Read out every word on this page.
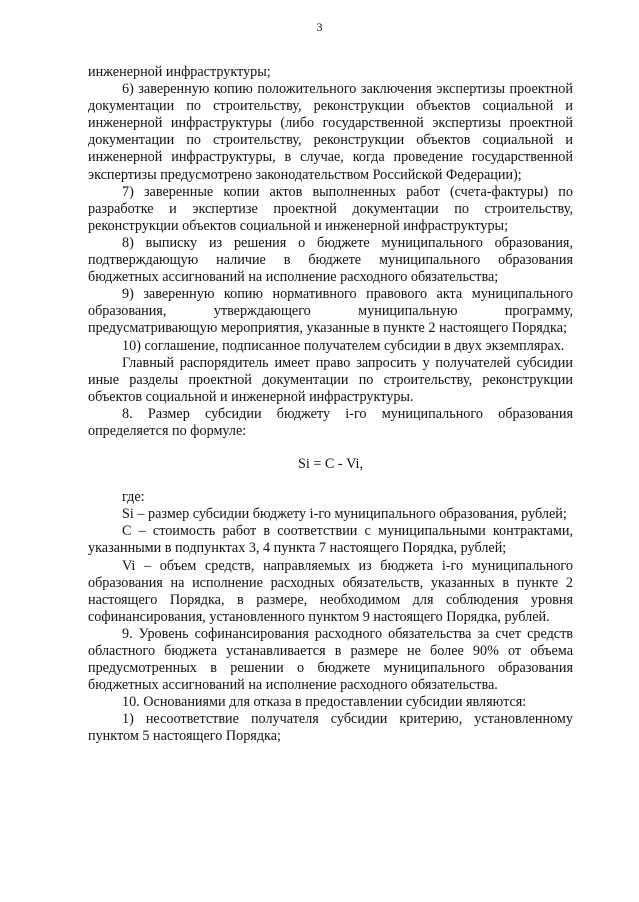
3

инженерной инфраструктуры;

6) заверенную копию положительного заключения экспертизы проектной документации по строительству, реконструкции объектов социальной и инженерной инфраструктуры (либо государственной экспертизы проектной документации по строительству, реконструкции объектов социальной и инженерной инфраструктуры, в случае, когда проведение государственной экспертизы предусмотрено законодательством Российской Федерации);

7) заверенные копии актов выполненных работ (счета-фактуры) по разработке и экспертизе проектной документации по строительству, реконструкции объектов социальной и инженерной инфраструктуры;

8) выписку из решения о бюджете муниципального образования, подтверждающую наличие в бюджете муниципального образования бюджетных ассигнований на исполнение расходного обязательства;

9) заверенную копию нормативного правового акта муниципального образования, утверждающего муниципальную программу, предусматривающую мероприятия, указанные в пункте 2 настоящего Порядка;

10) соглашение, подписанное получателем субсидии в двух экземплярах.

Главный распорядитель имеет право запросить у получателей субсидии иные разделы проектной документации по строительству, реконструкции объектов социальной и инженерной инфраструктуры.

8. Размер субсидии бюджету i-го муниципального образования определяется по формуле:

Si = С - Vi,

где:

Si – размер субсидии бюджету i-го муниципального образования, рублей;

С – стоимость работ в соответствии с муниципальными контрактами, указанными в подпунктах 3, 4 пункта 7 настоящего Порядка, рублей;

Vi – объем средств, направляемых из бюджета i-го муниципального образования на исполнение расходных обязательств, указанных в пункте 2 настоящего Порядка, в размере, необходимом для соблюдения уровня софинансирования, установленного пунктом 9 настоящего Порядка, рублей.

9. Уровень софинансирования расходного обязательства за счет средств областного бюджета устанавливается в размере не более 90% от объема предусмотренных в решении о бюджете муниципального образования бюджетных ассигнований на исполнение расходного обязательства.

10. Основаниями для отказа в предоставлении субсидии являются:

1) несоответствие получателя субсидии критерию, установленному пунктом 5 настоящего Порядка;
